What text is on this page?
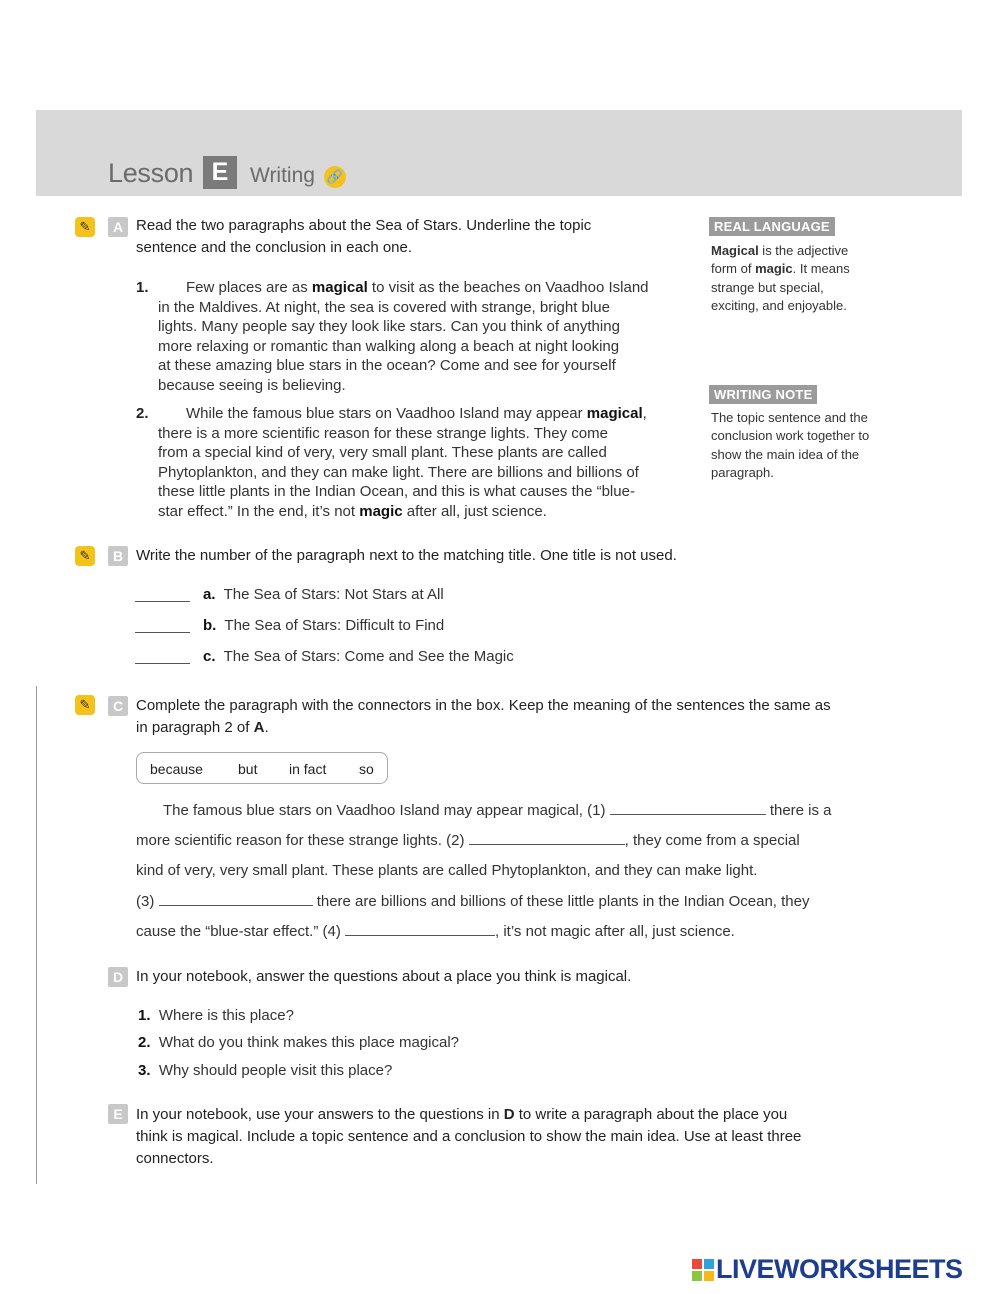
Lesson E	Writing 🔗
✎	A Read the two paragraphs about the Sea of Stars. Underline the topic
sentence and the conclusion in each one.
1.	Few places are as magical to visit as the beaches on Vaadhoo Island
in the Maldives. At night, the sea is covered with strange, bright blue
lights. Many people say they look like stars. Can you think of anything
more relaxing or romantic than walking along a beach at night looking
at these amazing blue stars in the ocean? Come and see for yourself
because seeing is believing.
2.	While the famous blue stars on Vaadhoo Island may appear magical,
there is a more scientific reason for these strange lights. They come
from a special kind of very, very small plant. These plants are called
Phytoplankton, and they can make light. There are billions and billions of
these little plants in the Indian Ocean, and this is what causes the “blue-
star effect.” In the end, it’s not magic after all, just science.
REAL LANGUAGE
Magical is the adjective
form of magic. It means
strange but special,
exciting, and enjoyable.
WRITING NOTE
The topic sentence and the
conclusion work together to
show the main idea of the
paragraph.
✎	B Write the number of the paragraph next to the matching title. One title is not used.
a. The Sea of Stars: Not Stars at All
b. The Sea of Stars: Difficult to Find
c. The Sea of Stars: Come and See the Magic
✎	C Complete the paragraph with the connectors in the box. Keep the meaning of the sentences the same as
in paragraph 2 of A.
because	but in fact so
The famous blue stars on Vaadhoo Island may appear magical, (1)	there is a
more scientific reason for these strange lights. (2)	, they come from a special
kind of very, very small plant. These plants are called Phytoplankton, and they can make light.
(3)	there are billions and billions of these little plants in the Indian Ocean, they
cause the “blue-star effect.” (4)	, it’s not magic after all, just science.
D In your notebook, answer the questions about a place you think is magical.
1. Where is this place?
2. What do you think makes this place magical?
3. Why should people visit this place?
E In your notebook, use your answers to the questions in D to write a paragraph about the place you
think is magical. Include a topic sentence and a conclusion to show the main idea. Use at least three
connectors.
LIVEWORKSHEETS
